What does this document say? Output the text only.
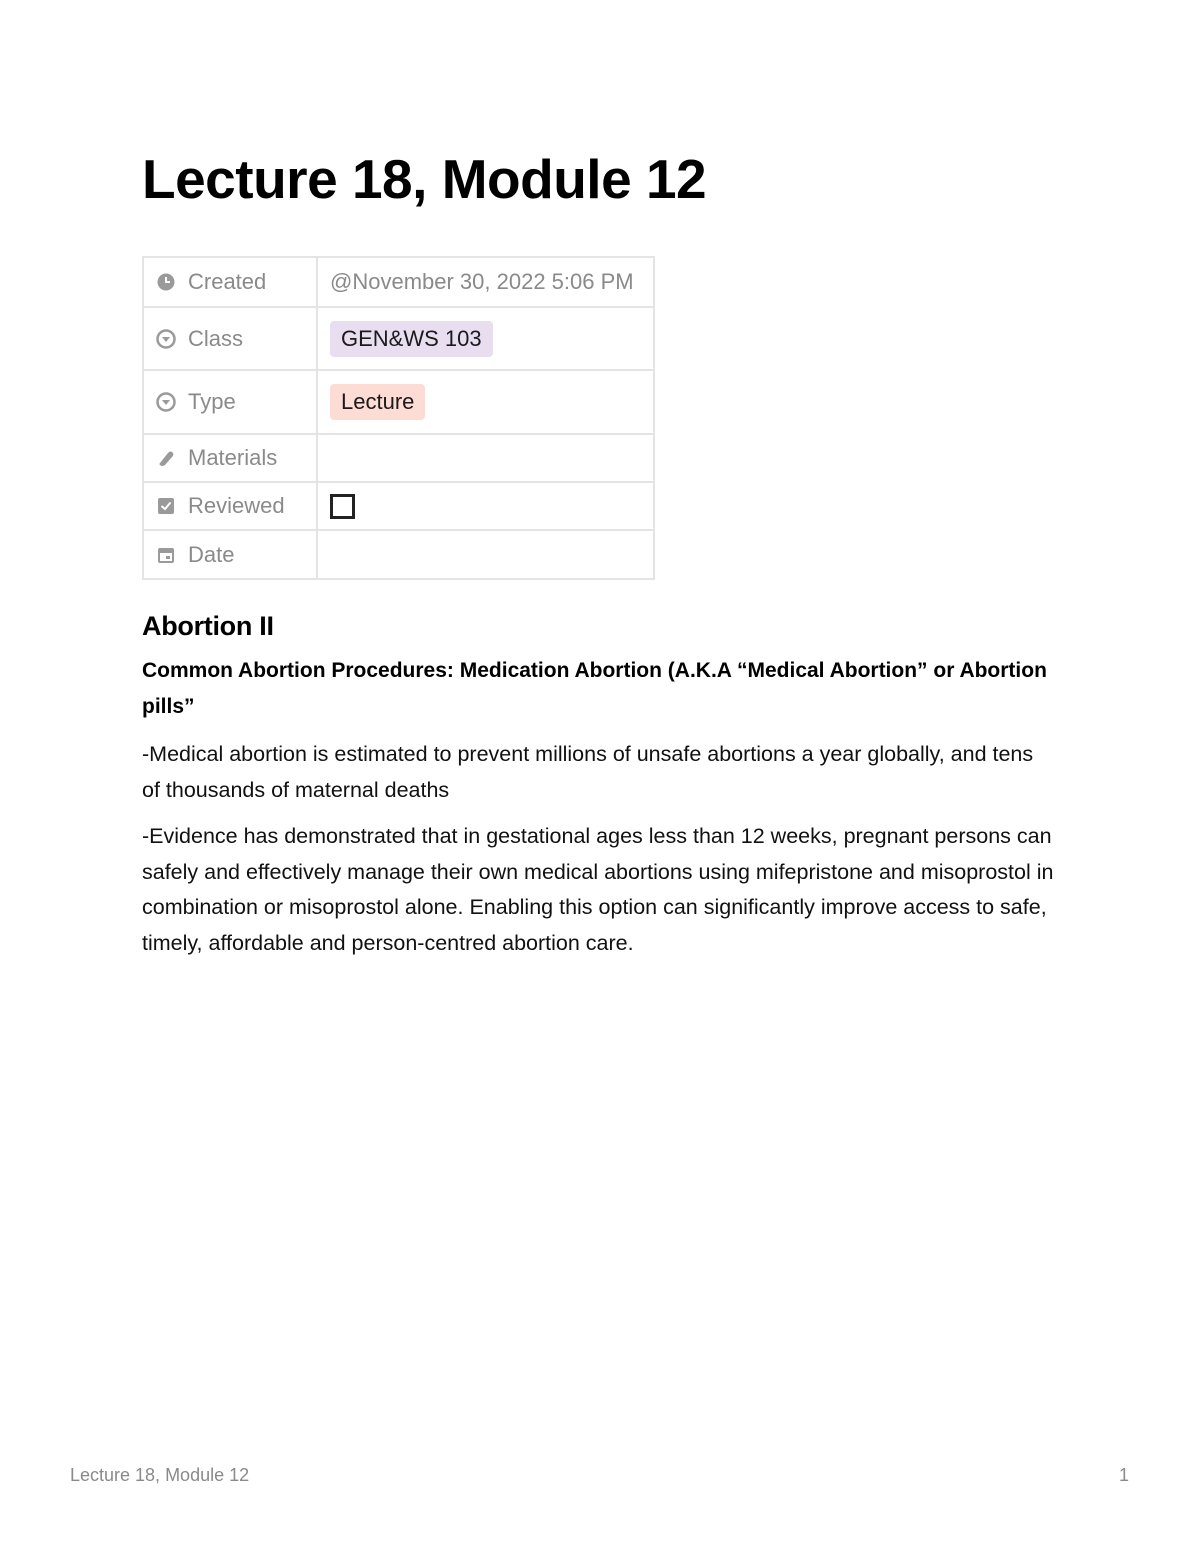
Lecture 18, Module 12
Created	@November 30, 2022 5:06 PM

Class	GEN&WS 103

Type	Lecture

Materials	

Reviewed	

Date	

Abortion II

Common Abortion Procedures: Medication Abortion (A.K.A “Medical Abortion” or Abortion pills”

-Medical abortion is estimated to prevent millions of unsafe abortions a year globally, and tens of thousands of maternal deaths

-Evidence has demonstrated that in gestational ages less than 12 weeks, pregnant persons can safely and effectively manage their own medical abortions using mifepristone and misoprostol in combination or misoprostol alone. Enabling this option can significantly improve access to safe, timely, affordable and person-centred abortion care.

Lecture 18, Module 12	1
